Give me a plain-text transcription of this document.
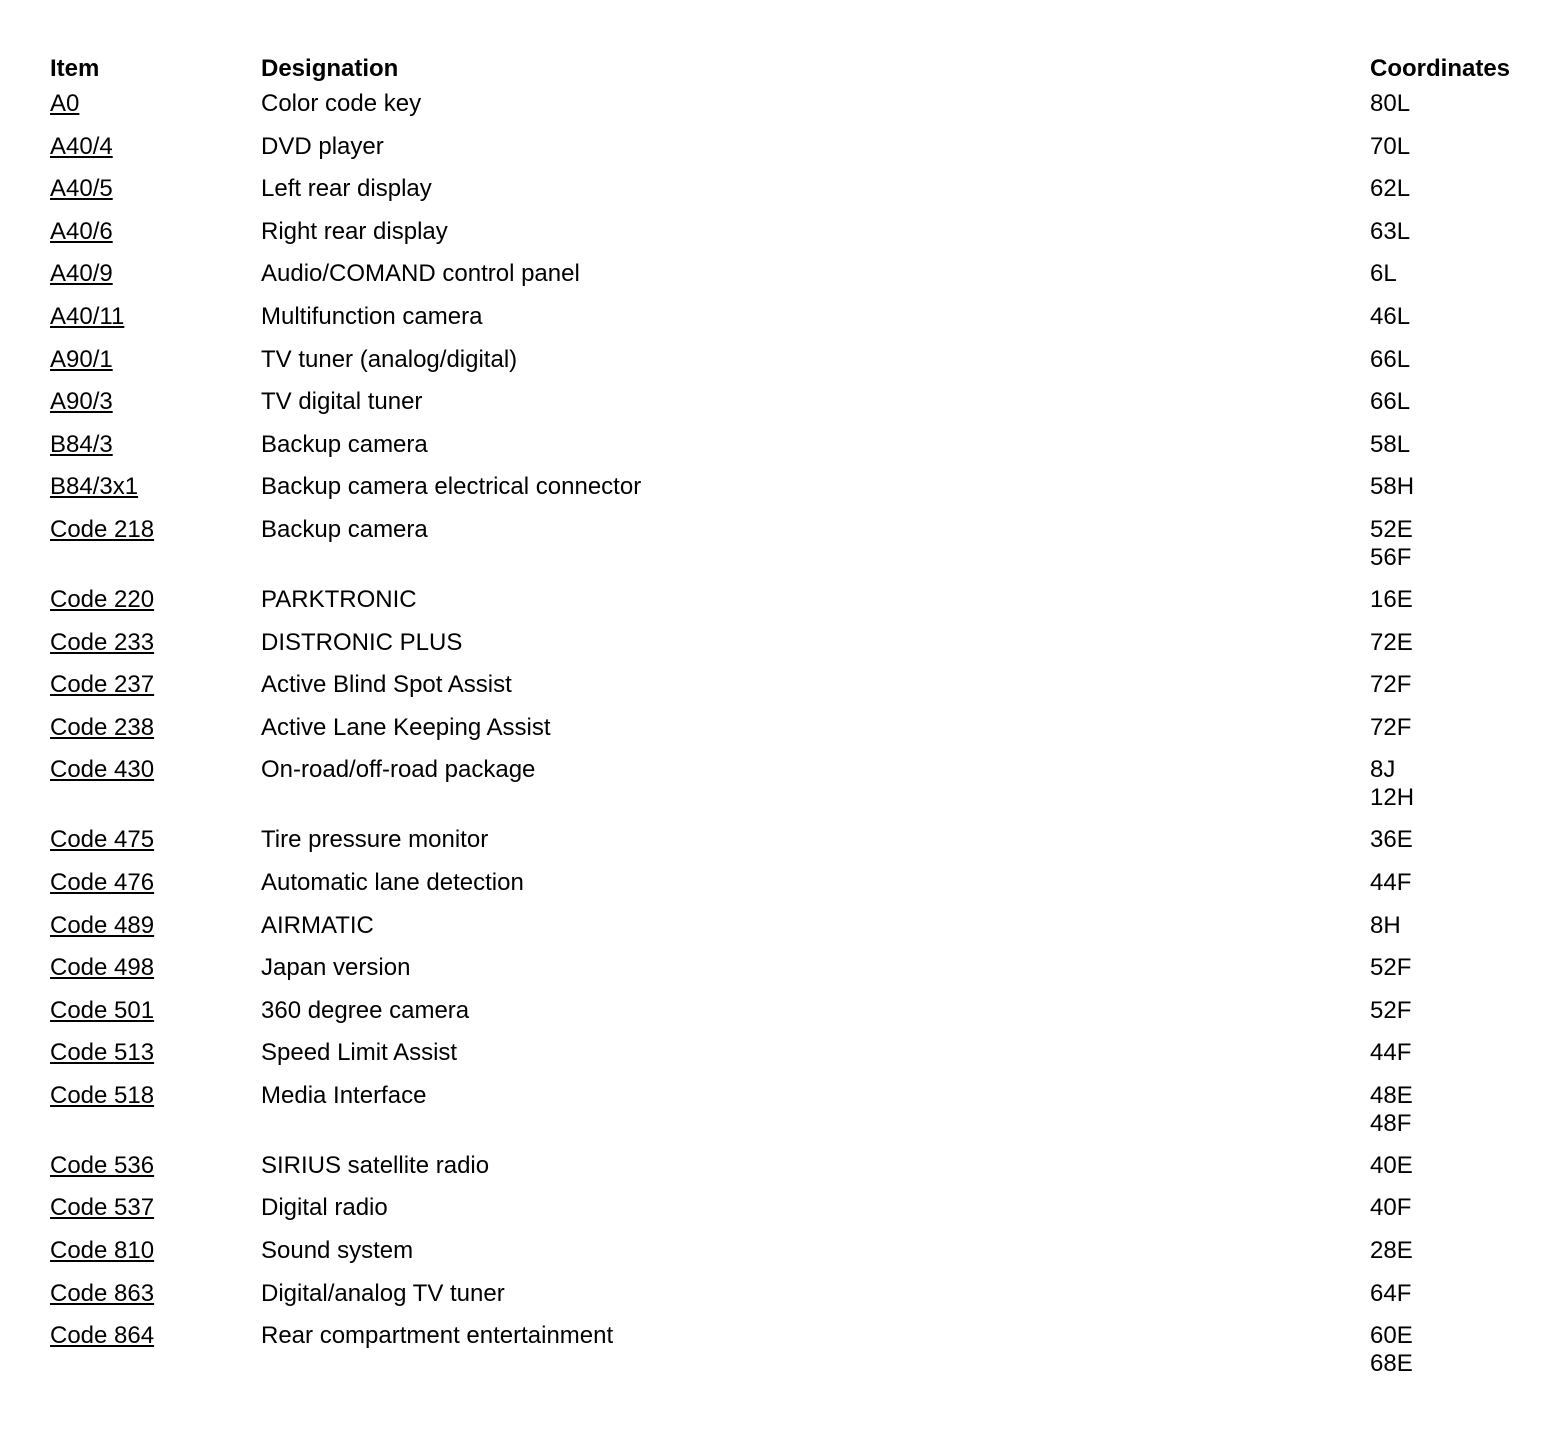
Item	Designation	Coordinates
A0	Color code key	80L

A40/4	DVD player	70L

A40/5	Left rear display	62L

A40/6	Right rear display	63L

A40/9	Audio/COMAND control panel	6L

A40/11	Multifunction camera	46L

A90/1	TV tuner (analog/digital)	66L

A90/3	TV digital tuner	66L

B84/3	Backup camera	58L

B84/3x1	Backup camera electrical connector	58H

Code 218	Backup camera	52E
56F

Code 220	PARKTRONIC	16E

Code 233	DISTRONIC PLUS	72E

Code 237	Active Blind Spot Assist	72F

Code 238	Active Lane Keeping Assist	72F

Code 430	On-road/off-road package	8J
12H

Code 475	Tire pressure monitor	36E

Code 476	Automatic lane detection	44F

Code 489	AIRMATIC	8H

Code 498	Japan version	52F

Code 501	360 degree camera	52F

Code 513	Speed Limit Assist	44F

Code 518	Media Interface	48E
48F

Code 536	SIRIUS satellite radio	40E

Code 537	Digital radio	40F

Code 810	Sound system	28E

Code 863	Digital/analog TV tuner	64F

Code 864	Rear compartment entertainment	60E
68E
